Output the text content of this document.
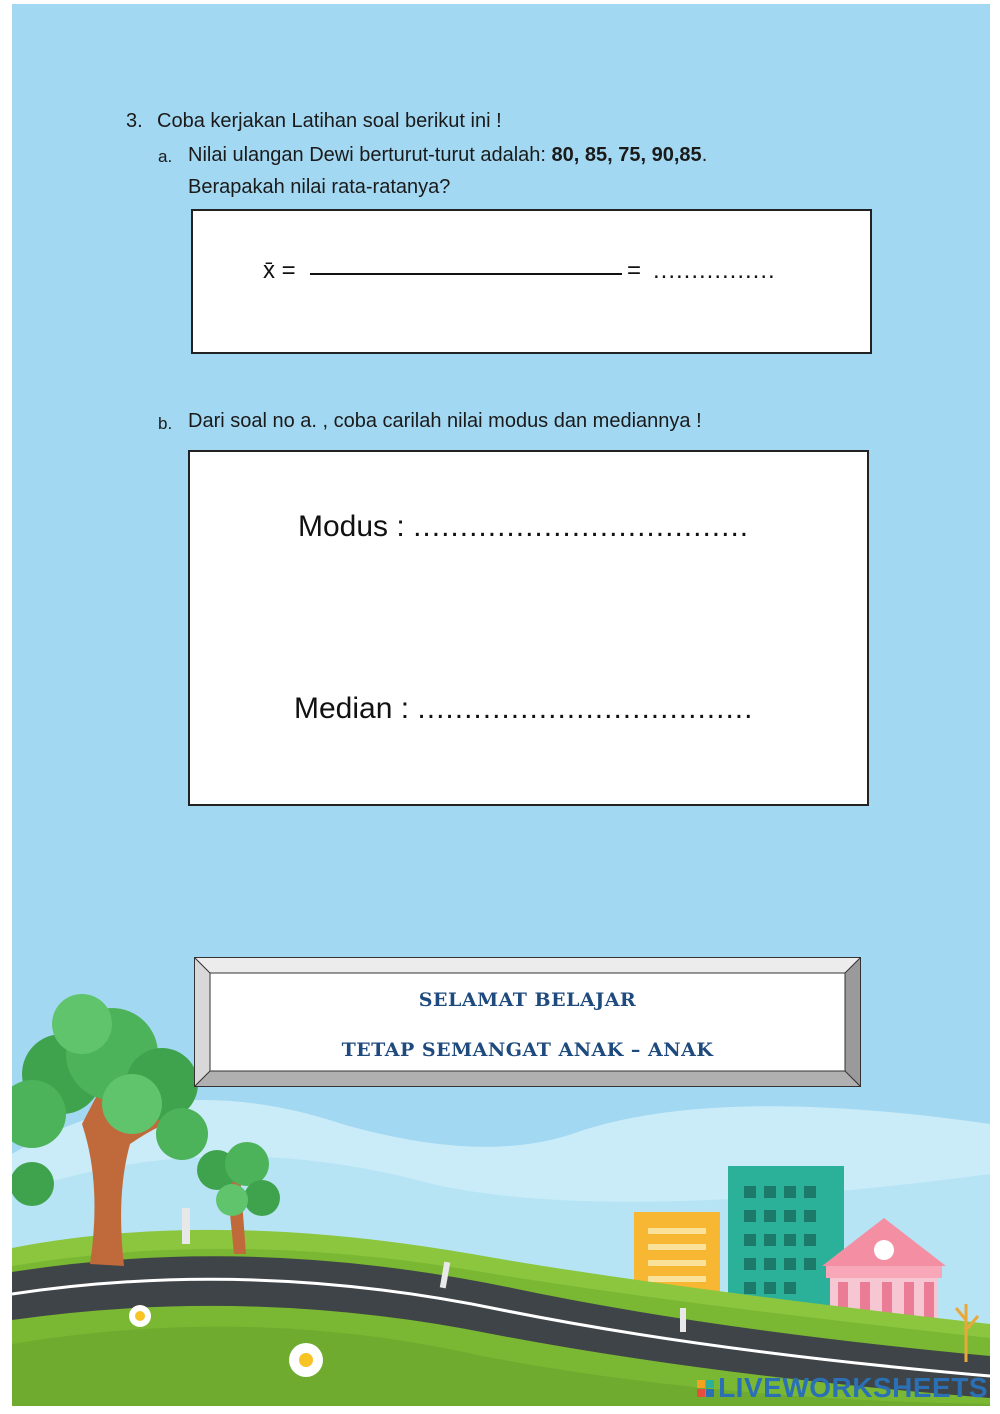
3. Coba kerjakan Latihan soal berikut ini !
a. Nilai ulangan Dewi berturut-turut adalah: 80, 85, 75, 90,85.
Berapakah nilai rata-ratanya?
x̄ =	= ................
b. Dari soal no a. , coba carilah nilai modus dan mediannya !
Modus : ....................................
Median : ....................................
SELAMAT BELAJAR
TETAP SEMANGAT ANAK – ANAK
LIVEWORKSHEETS
